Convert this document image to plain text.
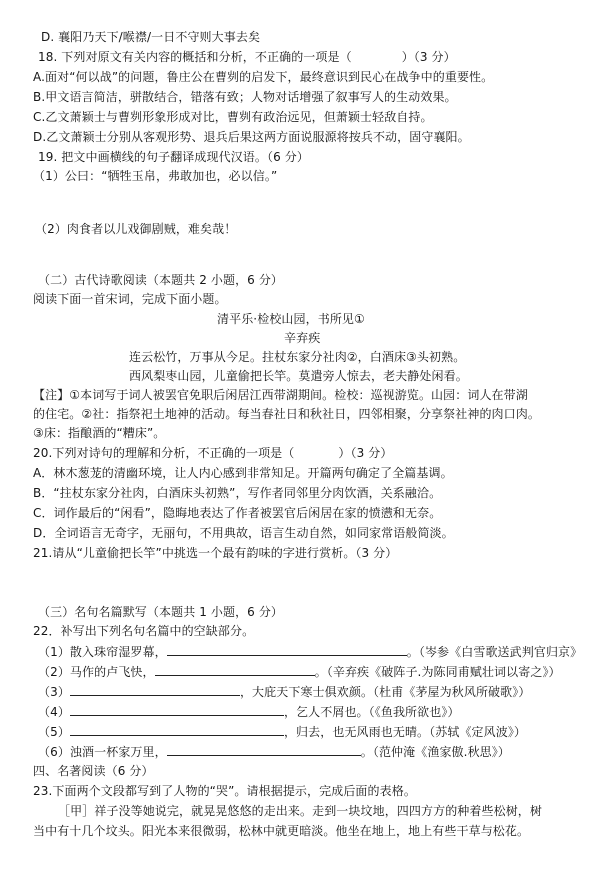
D. 襄阳乃天下/喉襟/一日不守则大事去矣
18. 下列对原文有关内容的概括和分析，不正确的一项是（	）（3 分）
A.面对“何以战”的问题，鲁庄公在曹刿的启发下，最终意识到民心在战争中的重要性。
B.甲文语言简洁，骈散结合，错落有致；人物对话增强了叙事写人的生动效果。
C.乙文萧颖士与曹刿形象形成对比，曹刿有政治远见，但萧颖士轻敌自持。
D.乙文萧颖士分别从客观形势、退兵后果这两方面说服源将按兵不动，固守襄阳。
19. 把文中画横线的句子翻译成现代汉语。（6 分）
（1）公曰：“牺牲玉帛，弗敢加也，必以信。”
（2）肉食者以儿戏御剧贼，难矣哉！
（二）古代诗歌阅读（本题共 2 小题，6 分）
阅读下面一首宋词，完成下面小题。
清平乐·检校山园，书所见①
辛弃疾
连云松竹，万事从今足。拄杖东家分社肉②，白酒床③头初熟。
西风梨枣山园，儿童偷把长竿。莫遣旁人惊去，老夫静处闲看。
【注】①本词写于词人被罢官免职后闲居江西带湖期间。检校：巡视游览。山园：词人在带湖
的住宅。②社：指祭祀土地神的活动。每当春社日和秋社日，四邻相聚，分享祭社神的肉口肉。
③床：指酿酒的“糟床”。
20.下列对诗句的理解和分析，不正确的一项是（	）（3 分）
A．林木葱茏的清幽环境，让人内心感到非常知足。开篇两句确定了全篇基调。
B．“拄杖东家分社肉，白酒床头初熟”，写作者同邻里分肉饮酒，关系融洽。
C．词作最后的“闲看”，隐晦地表达了作者被罢官后闲居在家的愤懑和无奈。
D．全词语言无奇字，无丽句，不用典故，语言生动自然，如同家常语般简淡。
21.请从“儿童偷把长竿”中挑选一个最有韵味的字进行赏析。（3 分）
（三）名句名篇默写（本题共 1 小题，6 分）
22．补写出下列名句名篇中的空缺部分。
（1）散入珠帘湿罗幕，	。（岑参《白雪歌送武判官归京》
（2）马作的卢飞快，	。（辛弃疾《破阵子.为陈同甫赋壮词以寄之》）
（3）	，大庇天下寒士俱欢颜。（杜甫《茅屋为秋风所破歌》）
（4）	，乞人不屑也。（《鱼我所欲也》）
（5）	，归去，也无风雨也无晴。（苏轼《定风波》）
（6）浊酒一杯家万里，	。（范仲淹《渔家傲.秋思》）
四、名著阅读（6 分）
23.下面两个文段都写到了人物的“哭”。请根据提示，完成后面的表格。
［甲］祥子没等她说完，就晃晃悠悠的走出来。走到一块坟地，四四方方的种着些松树，树
当中有十几个坟头。阳光本来很微弱，松林中就更暗淡。他坐在地上，地上有些干草与松花。
